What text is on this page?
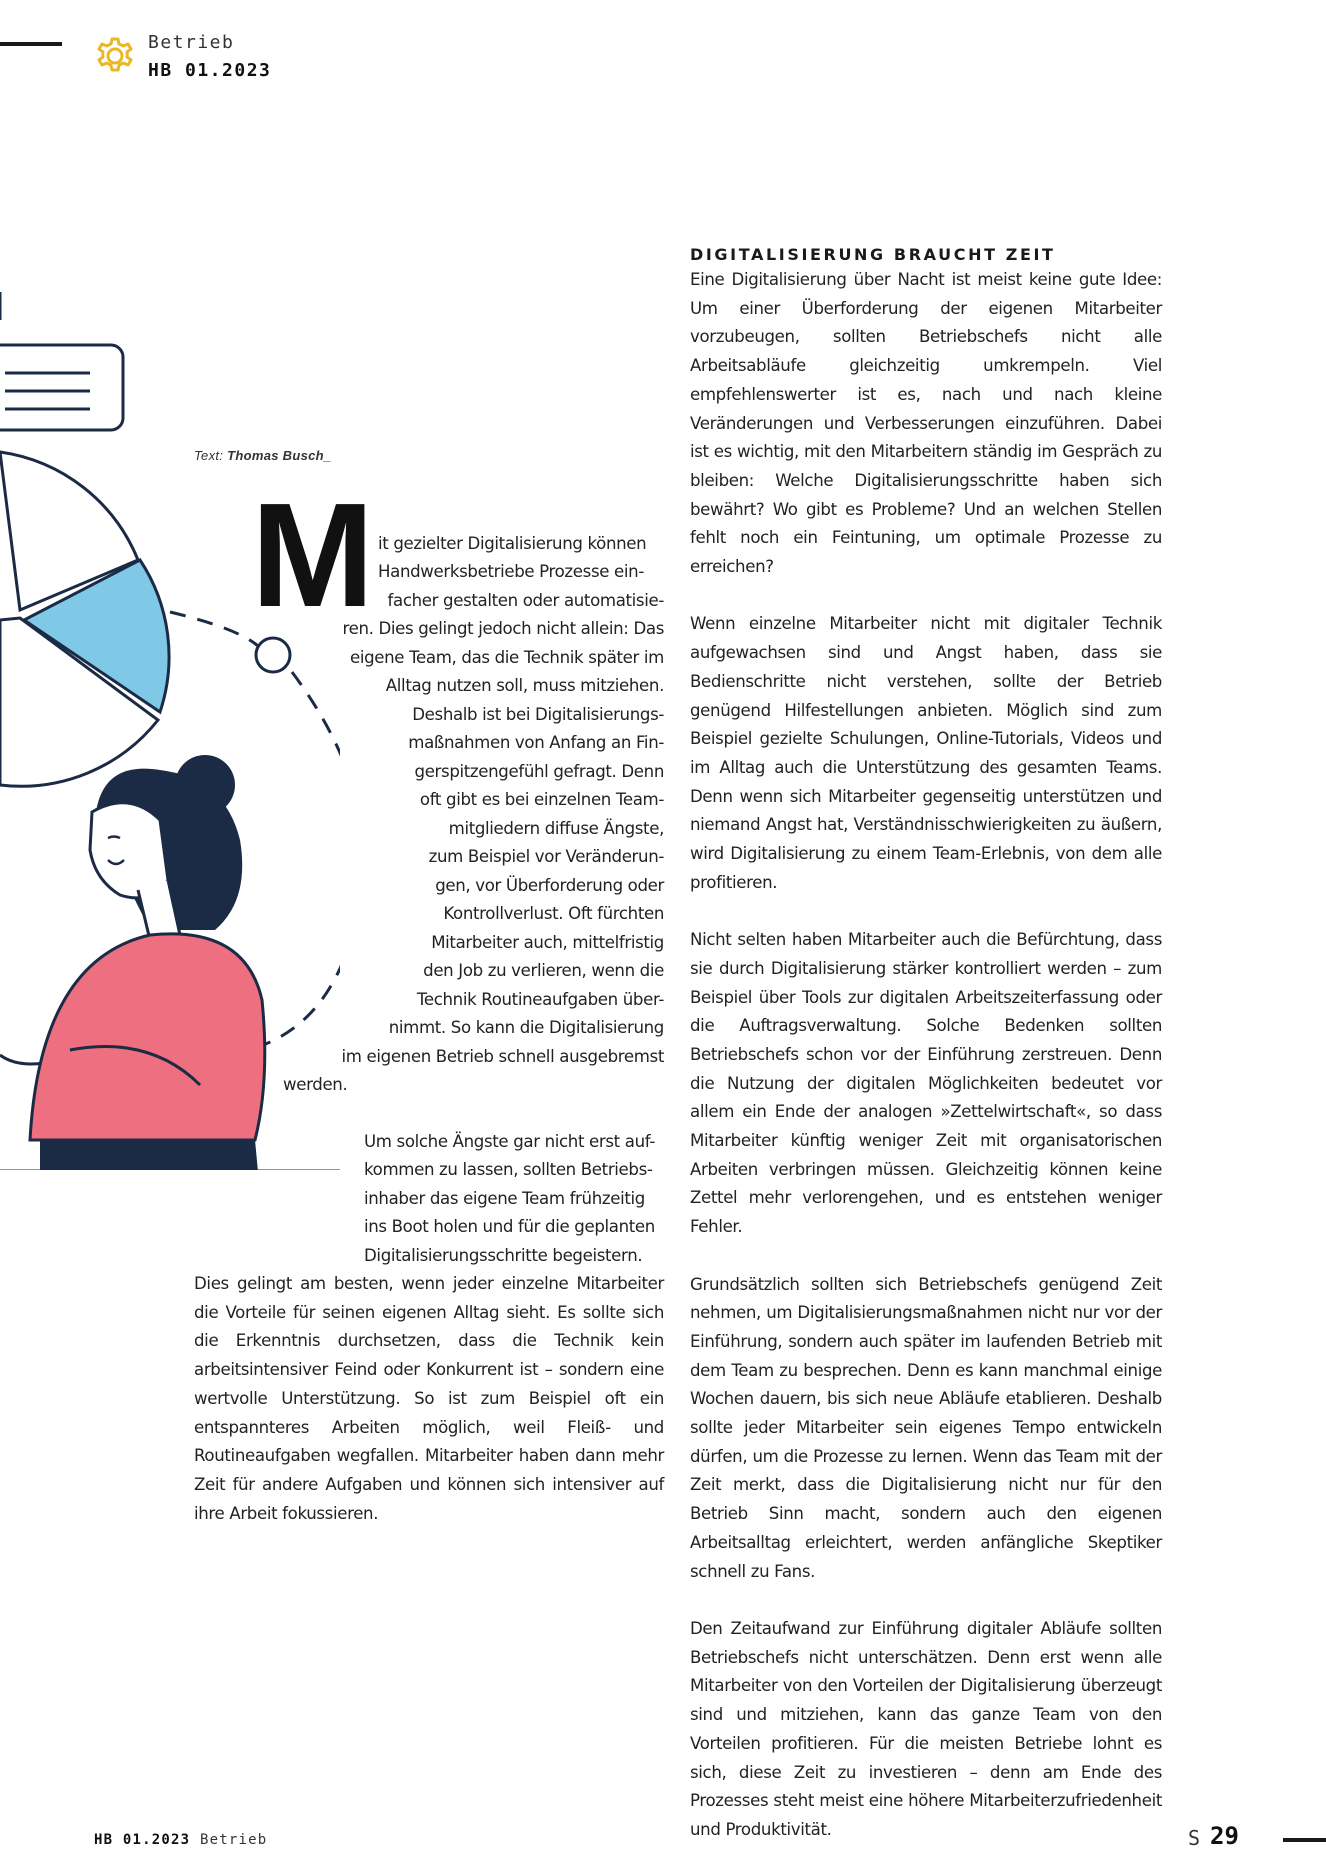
Betrieb
HB 01.2023
Text: Thomas Busch_
M it gezielter Digitalisierung können
Handwerksbetriebe Prozesse ein-
facher gestalten oder automatisie-
ren. Dies gelingt jedoch nicht allein: Das
eigene Team, das die Technik später im
Alltag nutzen soll, muss mitziehen.
Deshalb ist bei Digitalisierungs-
maßnahmen von Anfang an Fin-
gerspitzengefühl gefragt. Denn
oft gibt es bei einzelnen Team-
mitgliedern diffuse Ängste,
zum Beispiel vor Veränderun-
gen, vor Überforderung oder
Kontrollverlust. Oft fürchten
Mitarbeiter auch, mittelfristig
den Job zu verlieren, wenn die
Technik Routineaufgaben über-
nimmt. So kann die Digitalisierung
im eigenen Betrieb schnell ausgebremst
werden.
Um solche Ängste gar nicht erst auf-
kommen zu lassen, sollten Betriebs-
inhaber das eigene Team frühzeitig
ins Boot holen und für die geplanten
Digitalisierungsschritte begeistern.

Dies gelingt am besten, wenn jeder einzelne Mitarbeiter die Vorteile für seinen eigenen Alltag sieht. Es sollte sich die Erkenntnis durchsetzen, dass die Technik kein arbeitsintensiver Feind oder Konkurrent ist – sondern eine wertvolle Unterstützung. So ist zum Beispiel oft ein entspannteres Arbeiten möglich, weil Fleiß- und Routineaufgaben wegfallen. Mitarbeiter haben dann mehr Zeit für andere Aufgaben und können sich intensiver auf ihre Arbeit fokussieren.

DIGITALISIERUNG BRAUCHT ZEIT

Eine Digitalisierung über Nacht ist meist keine gute Idee: Um einer Überforderung der eigenen Mitarbeiter vorzubeugen, sollten Betriebschefs nicht alle Arbeitsabläufe gleichzeitig umkrempeln. Viel empfehlenswerter ist es, nach und nach kleine Veränderungen und Verbesserungen einzuführen. Dabei ist es wichtig, mit den Mitarbeitern ständig im Gespräch zu bleiben: Welche Digitalisierungsschritte haben sich bewährt? Wo gibt es Probleme? Und an welchen Stellen fehlt noch ein Feintuning, um optimale Prozesse zu erreichen?

Wenn einzelne Mitarbeiter nicht mit digitaler Technik aufgewachsen sind und Angst haben, dass sie Bedienschritte nicht verstehen, sollte der Betrieb genügend Hilfestellungen anbieten. Möglich sind zum Beispiel gezielte Schulungen, Online-Tutorials, Videos und im Alltag auch die Unterstützung des gesamten Teams. Denn wenn sich Mitarbeiter gegenseitig unterstützen und niemand Angst hat, Verständnisschwierigkeiten zu äußern, wird Digitalisierung zu einem Team-Erlebnis, von dem alle profitieren.

Nicht selten haben Mitarbeiter auch die Befürchtung, dass sie durch Digitalisierung stärker kontrolliert werden – zum Beispiel über Tools zur digitalen Arbeitszeiterfassung oder die Auftragsverwaltung. Solche Bedenken sollten Betriebschefs schon vor der Einführung zerstreuen. Denn die Nutzung der digitalen Möglichkeiten bedeutet vor allem ein Ende der analogen »Zettelwirtschaft«, so dass Mitarbeiter künftig weniger Zeit mit organisatorischen Arbeiten verbringen müssen. Gleichzeitig können keine Zettel mehr verlorengehen, und es entstehen weniger Fehler.

Grundsätzlich sollten sich Betriebschefs genügend Zeit nehmen, um Digitalisierungsmaßnahmen nicht nur vor der Einführung, sondern auch später im laufenden Betrieb mit dem Team zu besprechen. Denn es kann manchmal einige Wochen dauern, bis sich neue Abläufe etablieren. Deshalb sollte jeder Mitarbeiter sein eigenes Tempo entwickeln dürfen, um die Prozesse zu lernen. Wenn das Team mit der Zeit merkt, dass die Digitalisierung nicht nur für den Betrieb Sinn macht, sondern auch den eigenen Arbeitsalltag erleichtert, werden anfängliche Skeptiker schnell zu Fans.

Den Zeitaufwand zur Einführung digitaler Abläufe sollten Betriebschefs nicht unterschätzen. Denn erst wenn alle Mitarbeiter von den Vorteilen der Digitalisierung überzeugt sind und mitziehen, kann das ganze Team von den Vorteilen profitieren. Für die meisten Betriebe lohnt es sich, diese Zeit zu investieren – denn am Ende des Prozesses steht meist eine höhere Mitarbeiterzufriedenheit und Produktivität.

HB 01.2023 Betrieb	S 29
